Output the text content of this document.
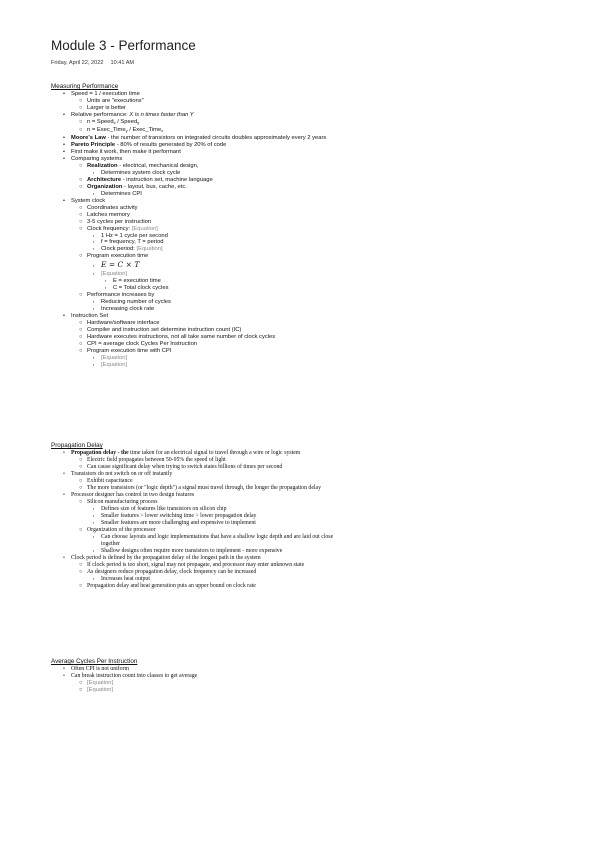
Module 3 - Performance
Friday, April 22, 2022 10:41 AM
Measuring Performance
• Speed = 1 / execution time
○ Units are "executions"
○ Larger is better
• Relative performance: X is n times faster than Y
○ n = Speed$_x$ / Speed$_y$
○ n = Exec_Time$_y$ / Exec_Time$_x$
• Moore's Law - the number of transistors on integrated circuits doubles approximately every 2 years
• Pareto Principle - 80% of results generated by 20% of code
• First make it work, then make it performant
• Comparing systems
○ Realization - electrical, mechanical design,
▪ Determines system clock cycle
○ Architecture - instruction set, machine language
○ Organization - layout, bus, cache, etc.
▪ Determines CPI
• System clock
○ Coordinates activity
○ Latches memory
○ 3-5 cycles per instruction
○ Clock frequency: [Equation]
▪ 1 Hz = 1 cycle per second
▪ f = frequency, T = period
▪ Clock period: [Equation]
○ Program execution time
▪ E = C × T
▪ [Equation]
▪ E = execution time
▪ C = Total clock cycles
○ Performance increases by
▪ Reducing number of cycles
▪ Increasing clock rate
• Instruction Set
○ Hardware/software interface
○ Compiler and instruction set determine instruction count (IC)
○ Hardware executes instructions, not all take same number of clock cycles
○ CPI = average clock Cycles Per Instruction
○ Program execution time with CPI
▪ [Equation]
▪ [Equation]
Propagation Delay
• Propagation delay - the time taken for an electrical signal to travel through a wire or logic system
○ Electric field propagates between 50-95% the speed of light
○ Can cause significant delay when trying to switch states billions of times per second
• Transistors do not switch on or off instantly
○ Exhibit capacitance
○ The more transistors (or "logic depth") a signal must travel through, the longer the propagation delay
• Processor designer has control in two design features
○ Silicon manufacturing process
▪ Defines size of features like transistors on silicon chip
▪ Smaller features > lower switching time > lower propagation delay
▪ Smaller features are more challenging and expensive to implement
○ Organization of the processor
▪ Can choose layouts and logic implementations that have a shallow logic depth and are laid out close together
▪ Shallow designs often require more transistors to implement - more expensive
• Clock period is defined by the propagation delay of the longest path in the system
○ If clock period is too short, signal may not propagate, and processor may enter unknown state
○ As designers reduce propagation delay, clock frequency can be increased
▪ Increases heat output
○ Propagation delay and heat generation puts an upper bound on clock rate
Average Cycles Per Instruction
• Often CPI is not uniform
• Can break instruction count into classes to get average
○ [Equation]
○ [Equation]
